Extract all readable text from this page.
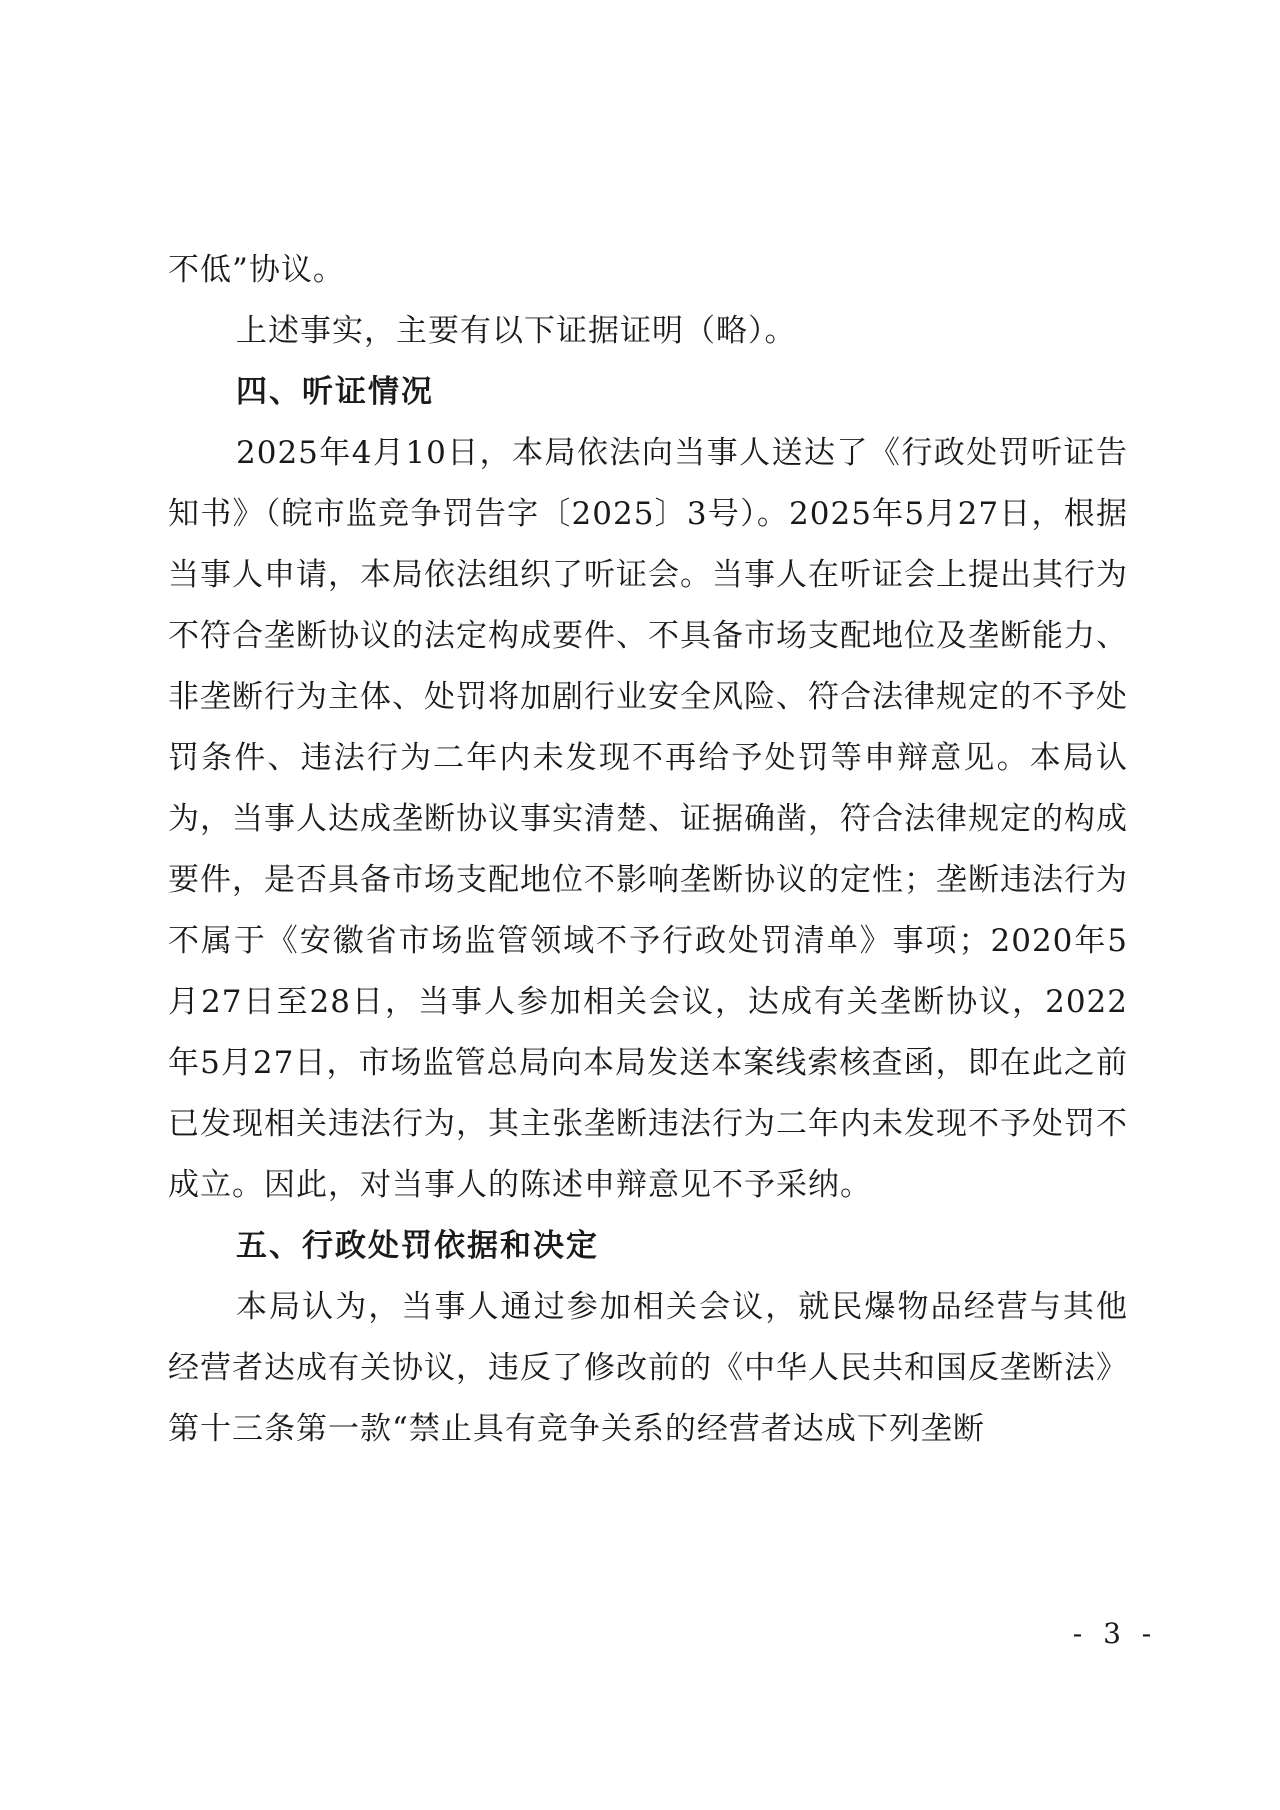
不低”协议。

上述事实，主要有以下证据证明（略）。

四、听证情况

2025年4月10日，本局依法向当事人送达了《行政处罚听证告知书》（皖市监竞争罚告字〔2025〕3号）。2025年5月27日，根据当事人申请，本局依法组织了听证会。当事人在听证会上提出其行为不符合垄断协议的法定构成要件、不具备市场支配地位及垄断能力、非垄断行为主体、处罚将加剧行业安全风险、符合法律规定的不予处罚条件、违法行为二年内未发现不再给予处罚等申辩意见。本局认为，当事人达成垄断协议事实清楚、证据确凿，符合法律规定的构成要件，是否具备市场支配地位不影响垄断协议的定性；垄断违法行为不属于《安徽省市场监管领域不予行政处罚清单》事项；2020年5月27日至28日，当事人参加相关会议，达成有关垄断协议，2022年5月27日，市场监管总局向本局发送本案线索核查函，即在此之前已发现相关违法行为，其主张垄断违法行为二年内未发现不予处罚不成立。因此，对当事人的陈述申辩意见不予采纳。

五、行政处罚依据和决定

本局认为，当事人通过参加相关会议，就民爆物品经营与其他经营者达成有关协议，违反了修改前的《中华人民共和国反垄断法》第十三条第一款“禁止具有竞争关系的经营者达成下列垄断

- 3 -
